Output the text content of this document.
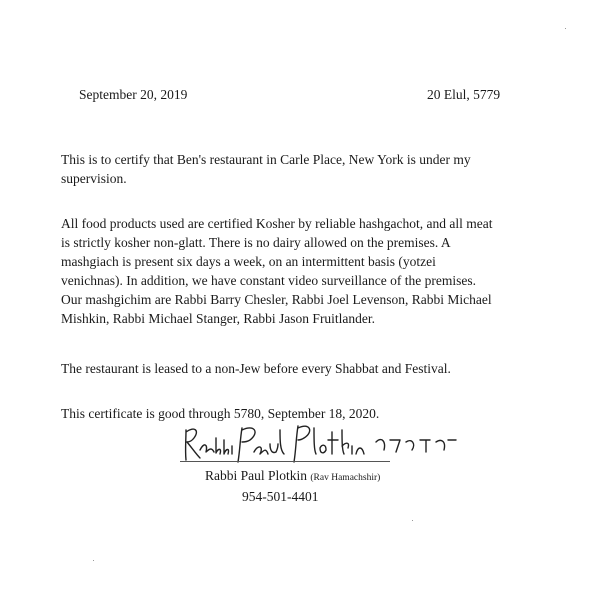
September 20, 2019	20 Elul, 5779
This is to certify that Ben's restaurant in Carle Place, New York is under my
supervision.
All food products used are certified Kosher by reliable hashgachot, and all meat
is strictly kosher non-glatt. There is no dairy allowed on the premises. A
mashgiach is present six days a week, on an intermittent basis (yotzei
venichnas). In addition, we have constant video surveillance of the premises.
Our mashgichim are Rabbi Barry Chesler, Rabbi Joel Levenson, Rabbi Michael
Mishkin, Rabbi Michael Stanger, Rabbi Jason Fruitlander.
The restaurant is leased to a non-Jew before every Shabbat and Festival.
This certificate is good through 5780, September 18, 2020.
Rabbi Paul Plotkin (Rav Hamachshir)
954-501-4401
